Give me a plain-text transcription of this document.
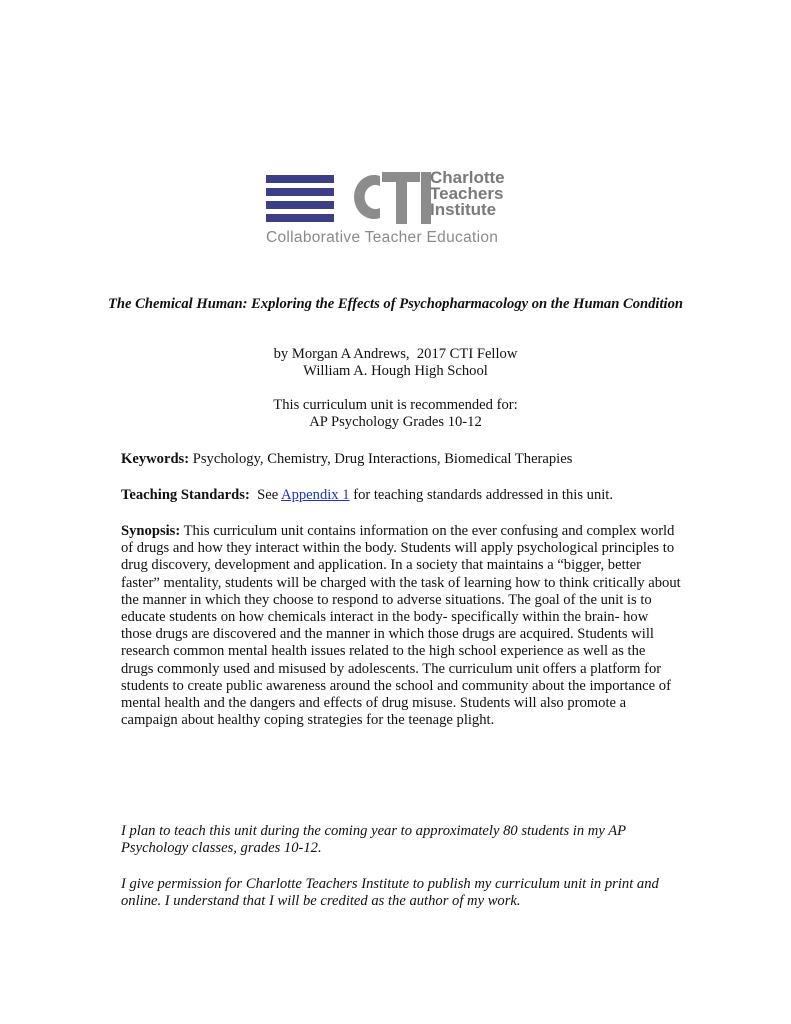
Charlotte
Teachers
Institute
Collaborative Teacher Education
The Chemical Human: Exploring the Effects of Psychopharmacology on the Human Condition
by Morgan A Andrews,  2017 CTI Fellow
William A. Hough High School
This curriculum unit is recommended for:
AP Psychology Grades 10-12
Keywords: Psychology, Chemistry, Drug Interactions, Biomedical Therapies
Teaching Standards:  See Appendix 1 for teaching standards addressed in this unit.
Synopsis: This curriculum unit contains information on the ever confusing and complex world of drugs and how they interact within the body. Students will apply psychological principles to drug discovery, development and application. In a society that maintains a “bigger, better faster” mentality, students will be charged with the task of learning how to think critically about the manner in which they choose to respond to adverse situations. The goal of the unit is to educate students on how chemicals interact in the body- specifically within the brain- how those drugs are discovered and the manner in which those drugs are acquired. Students will research common mental health issues related to the high school experience as well as the drugs commonly used and misused by adolescents. The curriculum unit offers a platform for students to create public awareness around the school and community about the importance of mental health and the dangers and effects of drug misuse. Students will also promote a campaign about healthy coping strategies for the teenage plight.
I plan to teach this unit during the coming year to approximately 80 students in my AP Psychology classes, grades 10-12.
I give permission for Charlotte Teachers Institute to publish my curriculum unit in print and online. I understand that I will be credited as the author of my work.
